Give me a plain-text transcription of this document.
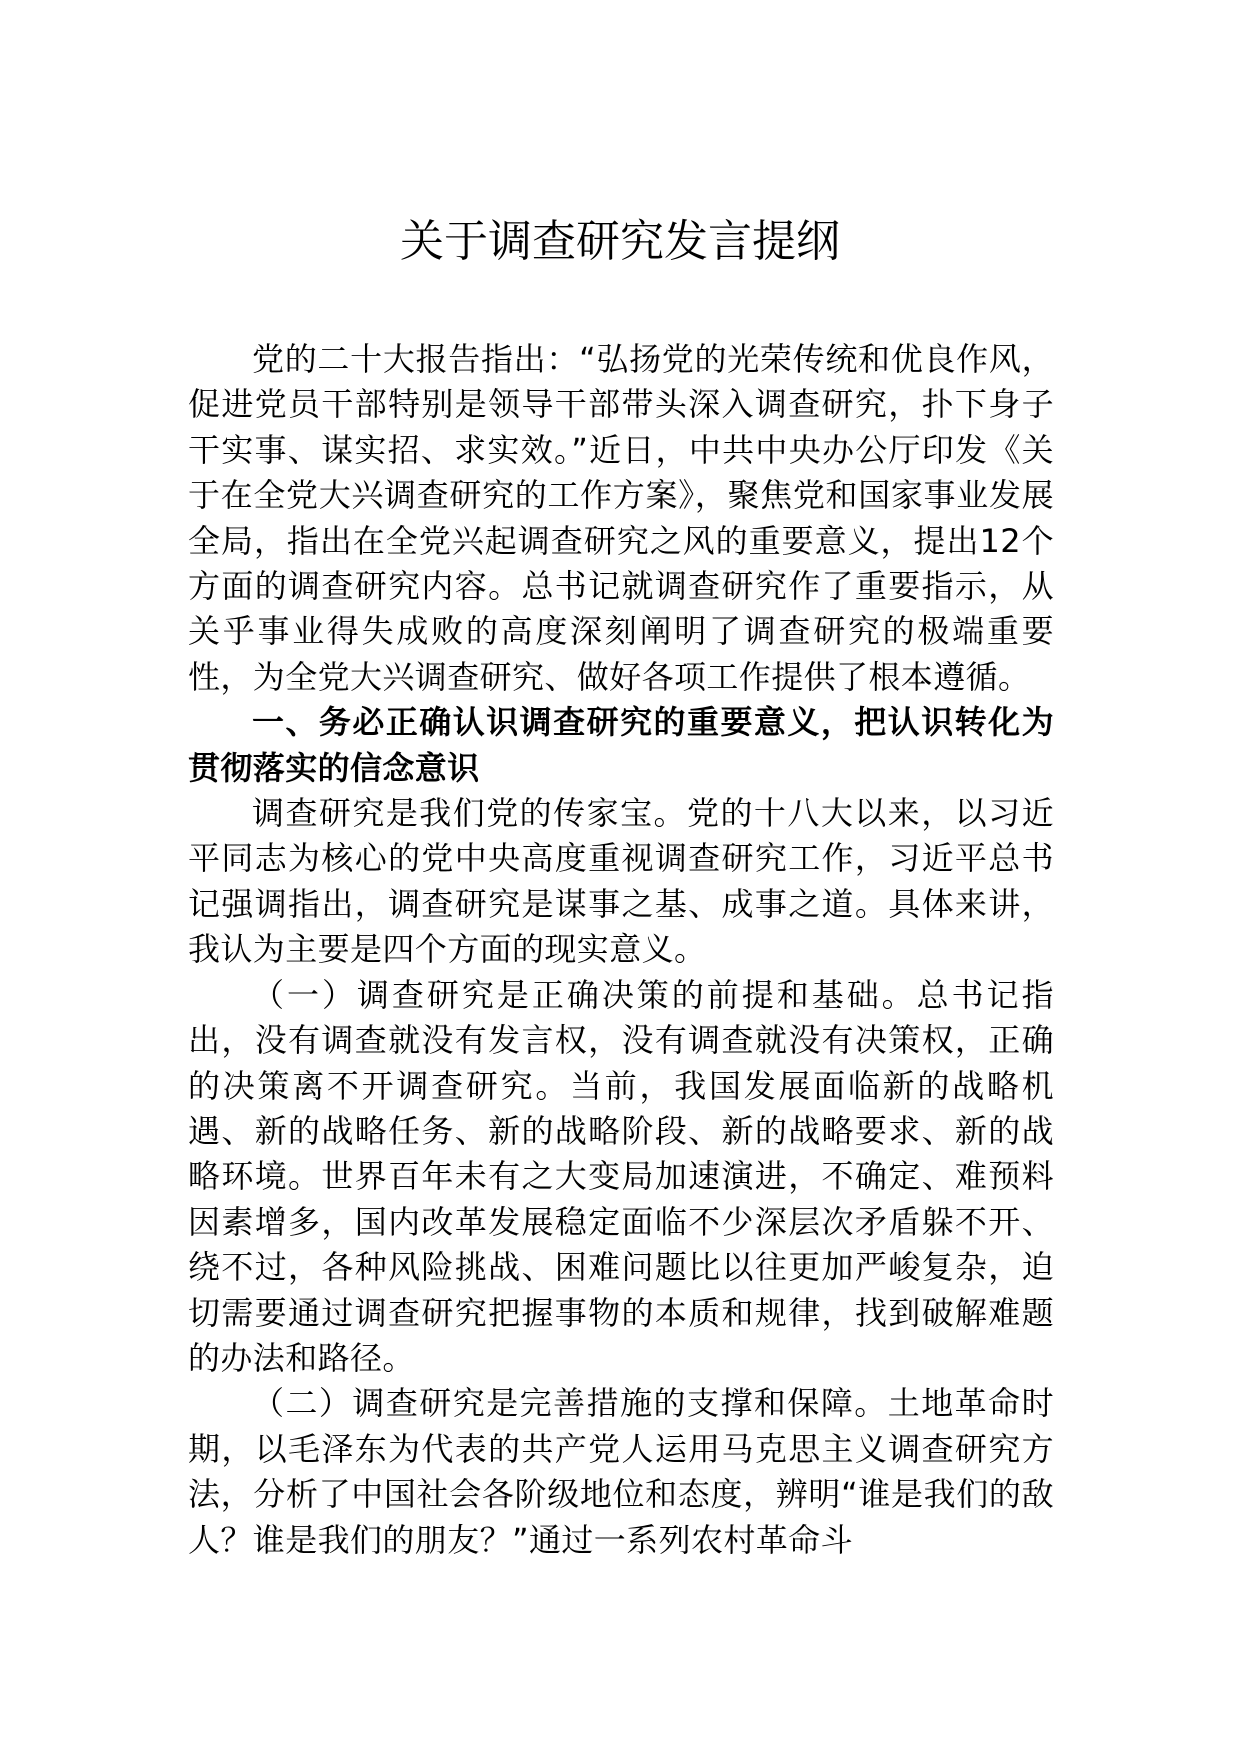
关于调查研究发言提纲

党的二十大报告指出：“弘扬党的光荣传统和优良作风，促进党员干部特别是领导干部带头深入调查研究，扑下身子干实事、谋实招、求实效。”近日，中共中央办公厅印发《关于在全党大兴调查研究的工作方案》，聚焦党和国家事业发展全局，指出在全党兴起调查研究之风的重要意义，提出12个方面的调查研究内容。总书记就调查研究作了重要指示，从关乎事业得失成败的高度深刻阐明了调查研究的极端重要性，为全党大兴调查研究、做好各项工作提供了根本遵循。

一、务必正确认识调查研究的重要意义，把认识转化为贯彻落实的信念意识

调查研究是我们党的传家宝。党的十八大以来，以习近平同志为核心的党中央高度重视调查研究工作，习近平总书记强调指出，调查研究是谋事之基、成事之道。具体来讲，我认为主要是四个方面的现实意义。

（一）调查研究是正确决策的前提和基础。总书记指出，没有调查就没有发言权，没有调查就没有决策权，正确的决策离不开调查研究。当前，我国发展面临新的战略机遇、新的战略任务、新的战略阶段、新的战略要求、新的战略环境。世界百年未有之大变局加速演进，不确定、难预料因素增多，国内改革发展稳定面临不少深层次矛盾躲不开、绕不过，各种风险挑战、困难问题比以往更加严峻复杂，迫切需要通过调查研究把握事物的本质和规律，找到破解难题的办法和路径。

（二）调查研究是完善措施的支撑和保障。土地革命时期，以毛泽东为代表的共产党人运用马克思主义调查研究方法，分析了中国社会各阶级地位和态度，辨明“谁是我们的敌人？谁是我们的朋友？”通过一系列农村革命斗
